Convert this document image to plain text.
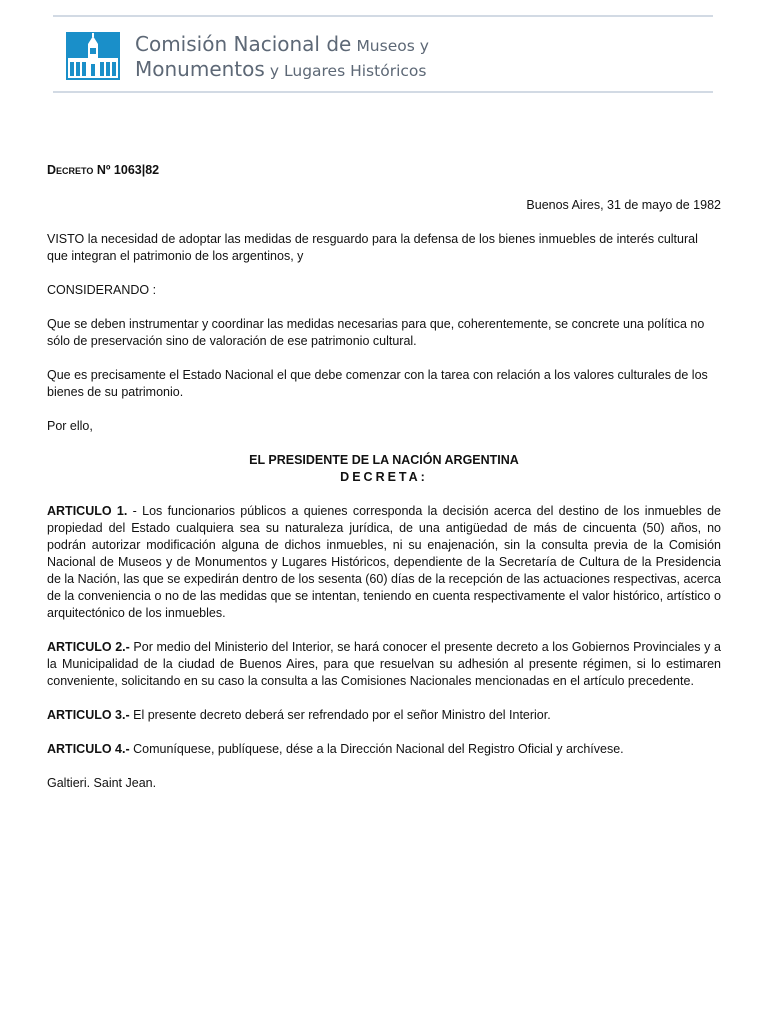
Comisión Nacional de Museos y
Monumentos y Lugares Históricos

Decreto Nº 1063|82

Buenos Aires, 31 de mayo de 1982

VISTO la necesidad de adoptar las medidas de resguardo para la defensa de los bienes inmuebles de interés cultural que integran el patrimonio de los argentinos, y

CONSIDERANDO :

Que se deben instrumentar y coordinar las medidas necesarias para que, coherentemente, se concrete una política no sólo de preservación sino de valoración de ese patrimonio cultural.

Que es precisamente el Estado Nacional el que debe comenzar con la tarea con relación a los valores culturales de los bienes de su patrimonio.

Por ello,

EL PRESIDENTE DE LA NACIÓN ARGENTINA

DECRETA:

ARTICULO 1. - Los funcionarios públicos a quienes corresponda la decisión acerca del destino de los inmuebles de propiedad del Estado cualquiera sea su naturaleza jurídica, de una antigüedad de más de cincuenta (50) años, no podrán autorizar modificación alguna de dichos inmuebles, ni su enajenación, sin la consulta previa de la Comisión Nacional de Museos y de Monumentos y Lugares Históricos, dependiente de la Secretaría de Cultura de la Presidencia de la Nación, las que se expedirán dentro de los sesenta (60) días de la recepción de las actuaciones respectivas, acerca de la conveniencia o no de las medidas que se intentan, teniendo en cuenta respectivamente el valor histórico, artístico o arquitectónico de los inmuebles.

ARTICULO 2.- Por medio del Ministerio del Interior, se hará conocer el presente decreto a los Gobiernos Provinciales y a la Municipalidad de la ciudad de Buenos Aires, para que resuelvan su adhesión al presente régimen, si lo estimaren conveniente, solicitando en su caso la consulta a las Comisiones Nacionales mencionadas en el artículo precedente.

ARTICULO 3.- El presente decreto deberá ser refrendado por el señor Ministro del Interior.

ARTICULO 4.- Comuníquese, publíquese, dése a la Dirección Nacional del Registro Oficial y archívese.

Galtieri. Saint Jean.
